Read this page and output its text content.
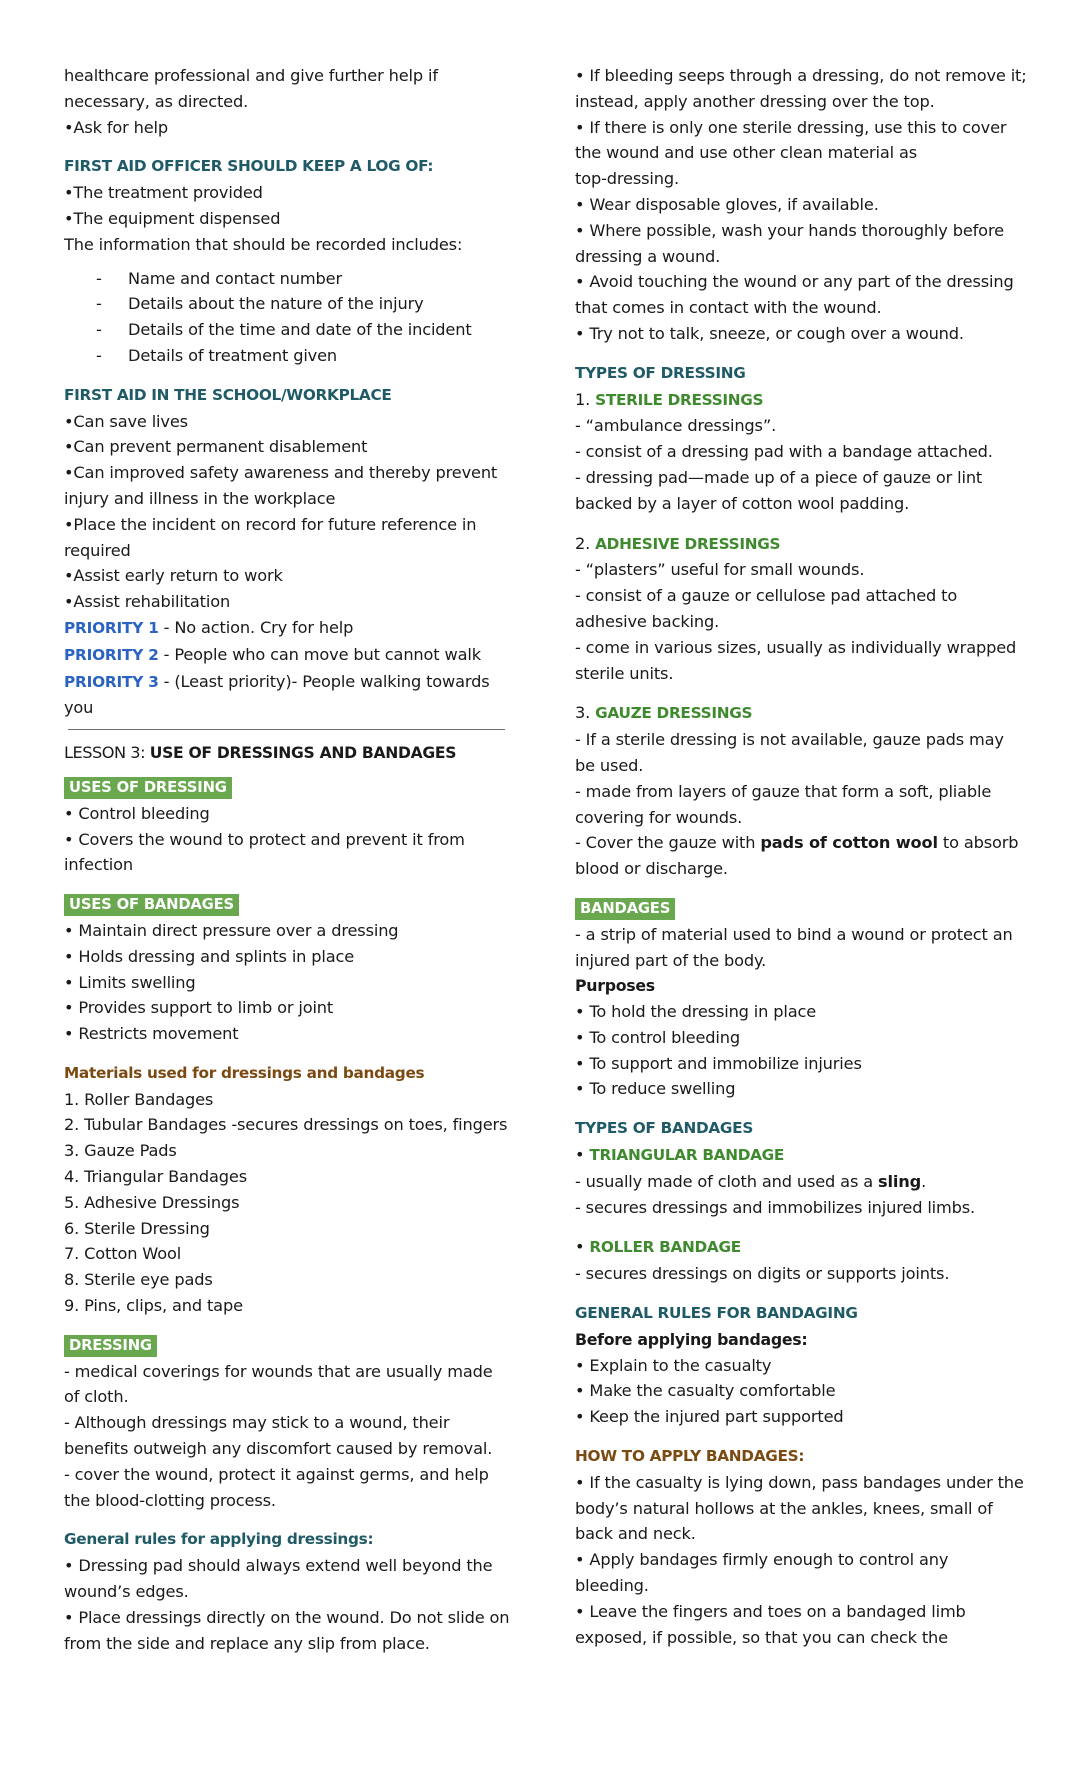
healthcare professional and give further help if
necessary, as directed.
•Ask for help
FIRST AID OFFICER SHOULD KEEP A LOG OF:
•The treatment provided
•The equipment dispensed
The information that should be recorded includes:
-	Name and contact number
-	Details about the nature of the injury
-	Details of the time and date of the incident
-	Details of treatment given
FIRST AID IN THE SCHOOL/WORKPLACE
•Can save lives
•Can prevent permanent disablement
•Can improved safety awareness and thereby prevent
injury and illness in the workplace
•Place the incident on record for future reference in
required
•Assist early return to work
•Assist rehabilitation
PRIORITY 1 - No action. Cry for help
PRIORITY 2 - People who can move but cannot walk
PRIORITY 3 - (Least priority)- People walking towards
you
LESSON 3: USE OF DRESSINGS AND BANDAGES
USES OF DRESSING
• Control bleeding
• Covers the wound to protect and prevent it from
infection
USES OF BANDAGES
• Maintain direct pressure over a dressing
• Holds dressing and splints in place
• Limits swelling
• Provides support to limb or joint
• Restricts movement
Materials used for dressings and bandages
1. Roller Bandages
2. Tubular Bandages -secures dressings on toes, fingers
3. Gauze Pads
4. Triangular Bandages
5. Adhesive Dressings
6. Sterile Dressing
7. Cotton Wool
8. Sterile eye pads
9. Pins, clips, and tape
DRESSING
- medical coverings for wounds that are usually made
of cloth.
- Although dressings may stick to a wound, their
benefits outweigh any discomfort caused by removal.
- cover the wound, protect it against germs, and help
the blood-clotting process.
General rules for applying dressings:
• Dressing pad should always extend well beyond the
wound’s edges.
• Place dressings directly on the wound. Do not slide on
from the side and replace any slip from place.
• If bleeding seeps through a dressing, do not remove it;
instead, apply another dressing over the top.
• If there is only one sterile dressing, use this to cover
the wound and use other clean material as
top-dressing.
• Wear disposable gloves, if available.
• Where possible, wash your hands thoroughly before
dressing a wound.
• Avoid touching the wound or any part of the dressing
that comes in contact with the wound.
• Try not to talk, sneeze, or cough over a wound.
TYPES OF DRESSING
1. STERILE DRESSINGS
- “ambulance dressings”.
- consist of a dressing pad with a bandage attached.
- dressing pad—made up of a piece of gauze or lint
backed by a layer of cotton wool padding.
2. ADHESIVE DRESSINGS
- “plasters” useful for small wounds.
- consist of a gauze or cellulose pad attached to
adhesive backing.
- come in various sizes, usually as individually wrapped
sterile units.
3. GAUZE DRESSINGS
- If a sterile dressing is not available, gauze pads may
be used.
- made from layers of gauze that form a soft, pliable
covering for wounds.
- Cover the gauze with pads of cotton wool to absorb
blood or discharge.
BANDAGES
- a strip of material used to bind a wound or protect an
injured part of the body.
Purposes
• To hold the dressing in place
• To control bleeding
• To support and immobilize injuries
• To reduce swelling
TYPES OF BANDAGES
• TRIANGULAR BANDAGE
- usually made of cloth and used as a sling.
- secures dressings and immobilizes injured limbs.
• ROLLER BANDAGE
- secures dressings on digits or supports joints.
GENERAL RULES FOR BANDAGING
Before applying bandages:
• Explain to the casualty
• Make the casualty comfortable
• Keep the injured part supported
HOW TO APPLY BANDAGES:
• If the casualty is lying down, pass bandages under the
body’s natural hollows at the ankles, knees, small of
back and neck.
• Apply bandages firmly enough to control any
bleeding.
• Leave the fingers and toes on a bandaged limb
exposed, if possible, so that you can check the
